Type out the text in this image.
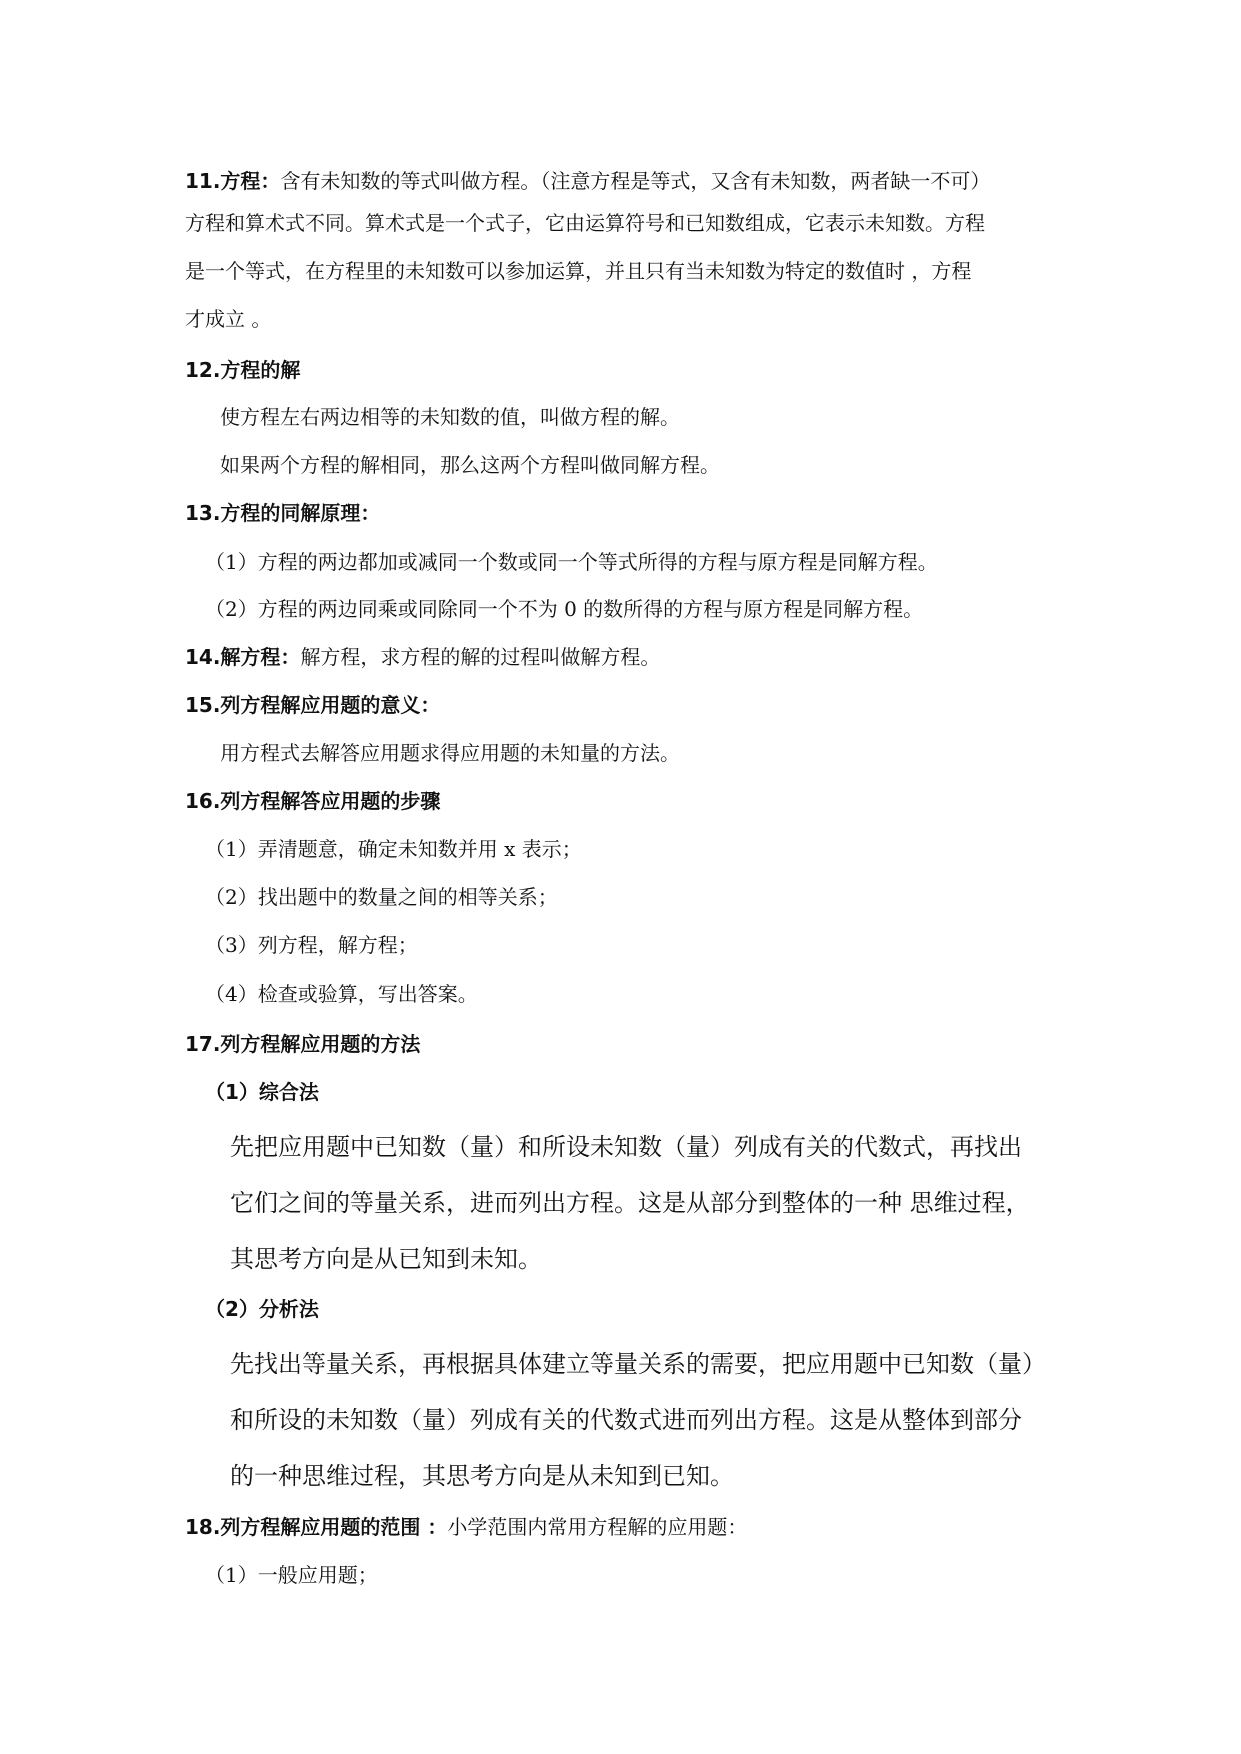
11.方程：含有未知数的等式叫做方程。（注意方程是等式，又含有未知数，两者缺一不可）
方程和算术式不同。算术式是一个式子，它由运算符号和已知数组成，它表示未知数。方程
是一个等式，在方程里的未知数可以参加运算，并且只有当未知数为特定的数值时 ，方程
才成立 。
12.方程的解
使方程左右两边相等的未知数的值，叫做方程的解。
如果两个方程的解相同，那么这两个方程叫做同解方程。
13.方程的同解原理：
（1）方程的两边都加或减同一个数或同一个等式所得的方程与原方程是同解方程。
（2）方程的两边同乘或同除同一个不为 0 的数所得的方程与原方程是同解方程。
14.解方程：解方程，求方程的解的过程叫做解方程。
15.列方程解应用题的意义：
用方程式去解答应用题求得应用题的未知量的方法。
16.列方程解答应用题的步骤
（1）弄清题意，确定未知数并用 x 表示；
（2）找出题中的数量之间的相等关系；
（3）列方程，解方程；
（4）检查或验算，写出答案。
17.列方程解应用题的方法
（1）综合法
先把应用题中已知数（量）和所设未知数（量）列成有关的代数式，再找出
它们之间的等量关系，进而列出方程。这是从部分到整体的一种 思维过程，
其思考方向是从已知到未知。
（2）分析法
先找出等量关系，再根据具体建立等量关系的需要，把应用题中已知数（量）
和所设的未知数（量）列成有关的代数式进而列出方程。这是从整体到部分
的一种思维过程，其思考方向是从未知到已知。
18.列方程解应用题的范围 ：小学范围内常用方程解的应用题：
（1）一般应用题；
